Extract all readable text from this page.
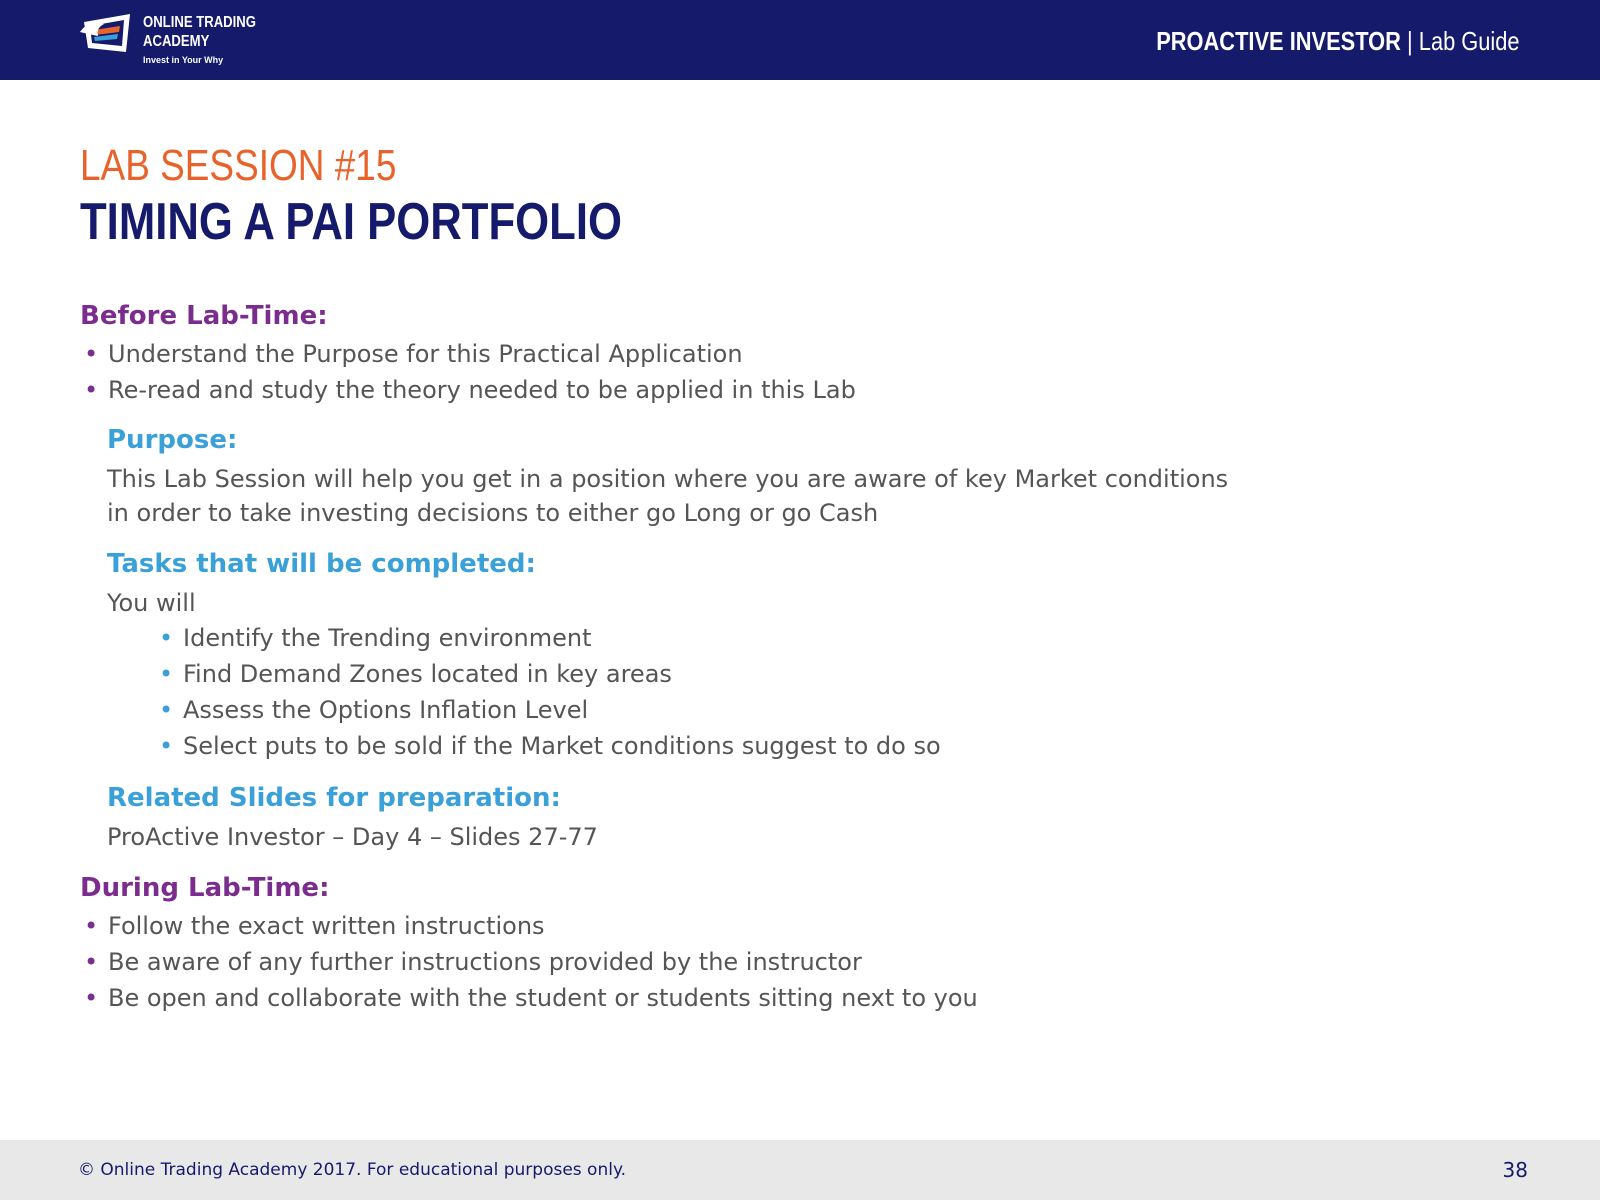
ONLINE TRADING
ACADEMY
Invest in Your Why
PROACTIVE INVESTOR | Lab Guide
LAB SESSION #15
TIMING A PAI PORTFOLIO
Before Lab-Time:
• Understand the Purpose for this Practical Application
• Re-read and study the theory needed to be applied in this Lab
Purpose:
This Lab Session will help you get in a position where you are aware of key Market conditions
in order to take investing decisions to either go Long or go Cash
Tasks that will be completed:
You will
• Identify the Trending environment
• Find Demand Zones located in key areas
• Assess the Options Inflation Level
• Select puts to be sold if the Market conditions suggest to do so
Related Slides for preparation:
ProActive Investor – Day 4 – Slides 27-77
During Lab-Time:
• Follow the exact written instructions
• Be aware of any further instructions provided by the instructor
• Be open and collaborate with the student or students sitting next to you
© Online Trading Academy 2017. For educational purposes only.	38
